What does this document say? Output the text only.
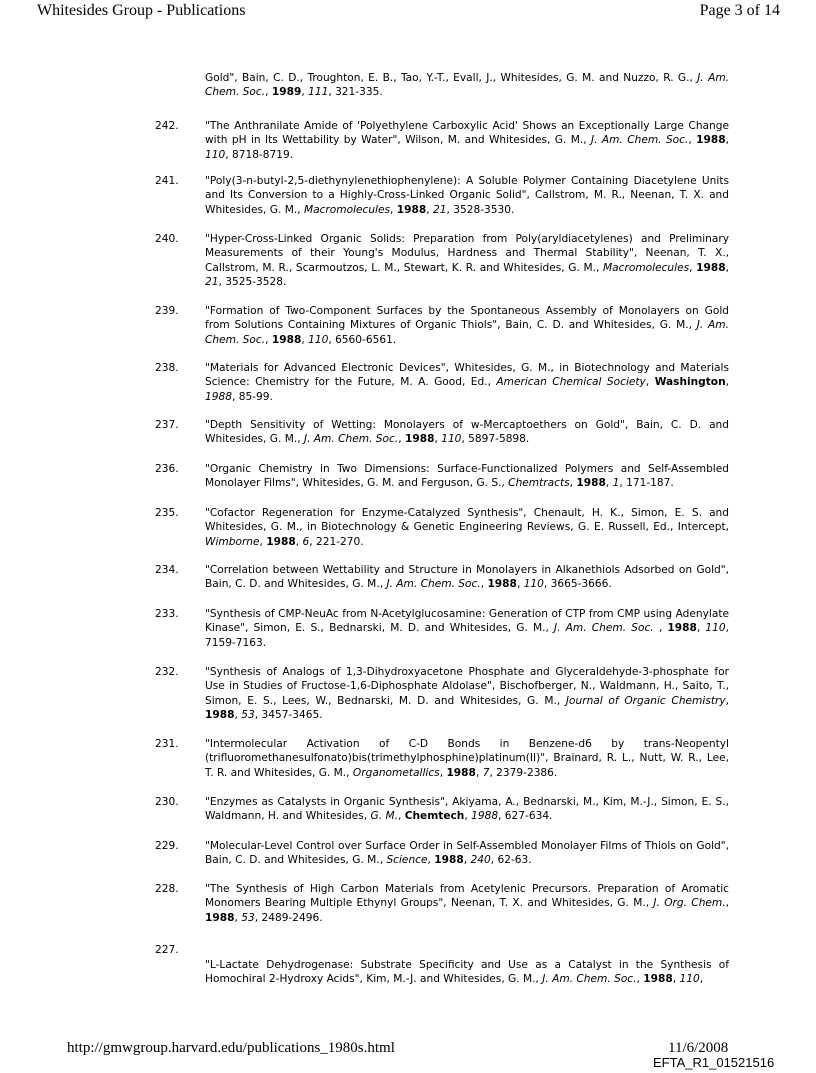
Whitesides Group - Publications	Page 3 of 14
Gold", Bain, C. D., Troughton, E. B., Tao, Y.-T., Evall, J., Whitesides, G. M. and Nuzzo, R. G., J. Am. Chem. Soc., 1989, 111, 321-335.
242.	"The Anthranilate Amide of 'Polyethylene Carboxylic Acid' Shows an Exceptionally Large Change with pH in Its Wettability by Water", Wilson, M. and Whitesides, G. M., J. Am. Chem. Soc., 1988, 110, 8718-8719.
241.	"Poly(3-n-butyl-2,5-diethynylenethiophenylene): A Soluble Polymer Containing Diacetylene Units and Its Conversion to a Highly-Cross-Linked Organic Solid", Callstrom, M. R., Neenan, T. X. and Whitesides, G. M., Macromolecules, 1988, 21, 3528-3530.
240.	"Hyper-Cross-Linked Organic Solids: Preparation from Poly(aryldiacetylenes) and Preliminary Measurements of their Young's Modulus, Hardness and Thermal Stability", Neenan, T. X., Callstrom, M. R., Scarmoutzos, L. M., Stewart, K. R. and Whitesides, G. M., Macromolecules, 1988, 21, 3525-3528.
239.	"Formation of Two-Component Surfaces by the Spontaneous Assembly of Monolayers on Gold from Solutions Containing Mixtures of Organic Thiols", Bain, C. D. and Whitesides, G. M., J. Am. Chem. Soc., 1988, 110, 6560-6561.
238.	"Materials for Advanced Electronic Devices", Whitesides, G. M., in Biotechnology and Materials Science: Chemistry for the Future, M. A. Good, Ed., American Chemical Society, Washington, 1988, 85-99.
237.	"Depth Sensitivity of Wetting: Monolayers of w-Mercaptoethers on Gold", Bain, C. D. and Whitesides, G. M., J. Am. Chem. Soc., 1988, 110, 5897-5898.
236.	"Organic Chemistry in Two Dimensions: Surface-Functionalized Polymers and Self-Assembled Monolayer Films", Whitesides, G. M. and Ferguson, G. S., Chemtracts, 1988, 1, 171-187.
235.	"Cofactor Regeneration for Enzyme-Catalyzed Synthesis", Chenault, H. K., Simon, E. S. and Whitesides, G. M., in Biotechnology & Genetic Engineering Reviews, G. E. Russell, Ed., Intercept, Wimborne, 1988, 6, 221-270.
234.	"Correlation between Wettability and Structure in Monolayers in Alkanethiols Adsorbed on Gold", Bain, C. D. and Whitesides, G. M., J. Am. Chem. Soc., 1988, 110, 3665-3666.
233.	"Synthesis of CMP-NeuAc from N-Acetylglucosamine: Generation of CTP from CMP using Adenylate Kinase", Simon, E. S., Bednarski, M. D. and Whitesides, G. M., J. Am. Chem. Soc. , 1988, 110, 7159-7163.
232.	"Synthesis of Analogs of 1,3-Dihydroxyacetone Phosphate and Glyceraldehyde-3-phosphate for Use in Studies of Fructose-1,6-Diphosphate Aldolase", Bischofberger, N., Waldmann, H., Saito, T., Simon, E. S., Lees, W., Bednarski, M. D. and Whitesides, G. M., Journal of Organic Chemistry, 1988, 53, 3457-3465.
231.	"Intermolecular Activation of C-D Bonds in Benzene-d6 by trans-Neopentyl (trifluoromethanesulfonato)bis(trimethylphosphine)platinum(II)", Brainard, R. L., Nutt, W. R., Lee, T. R. and Whitesides, G. M., Organometallics, 1988, 7, 2379-2386.
230.	"Enzymes as Catalysts in Organic Synthesis", Akiyama, A., Bednarski, M., Kim, M.-J., Simon, E. S., Waldmann, H. and Whitesides, G. M., Chemtech, 1988, 627-634.
229.	"Molecular-Level Control over Surface Order in Self-Assembled Monolayer Films of Thiols on Gold", Bain, C. D. and Whitesides, G. M., Science, 1988, 240, 62-63.
228.	"The Synthesis of High Carbon Materials from Acetylenic Precursors. Preparation of Aromatic Monomers Bearing Multiple Ethynyl Groups", Neenan, T. X. and Whitesides, G. M., J. Org. Chem., 1988, 53, 2489-2496.
227.
"L-Lactate Dehydrogenase: Substrate Specificity and Use as a Catalyst in the Synthesis of Homochiral 2-Hydroxy Acids", Kim, M.-J. and Whitesides, G. M., J. Am. Chem. Soc., 1988, 110,
http://gmwgroup.harvard.edu/publications_1980s.html	11/6/2008
EFTA_R1_01521516
